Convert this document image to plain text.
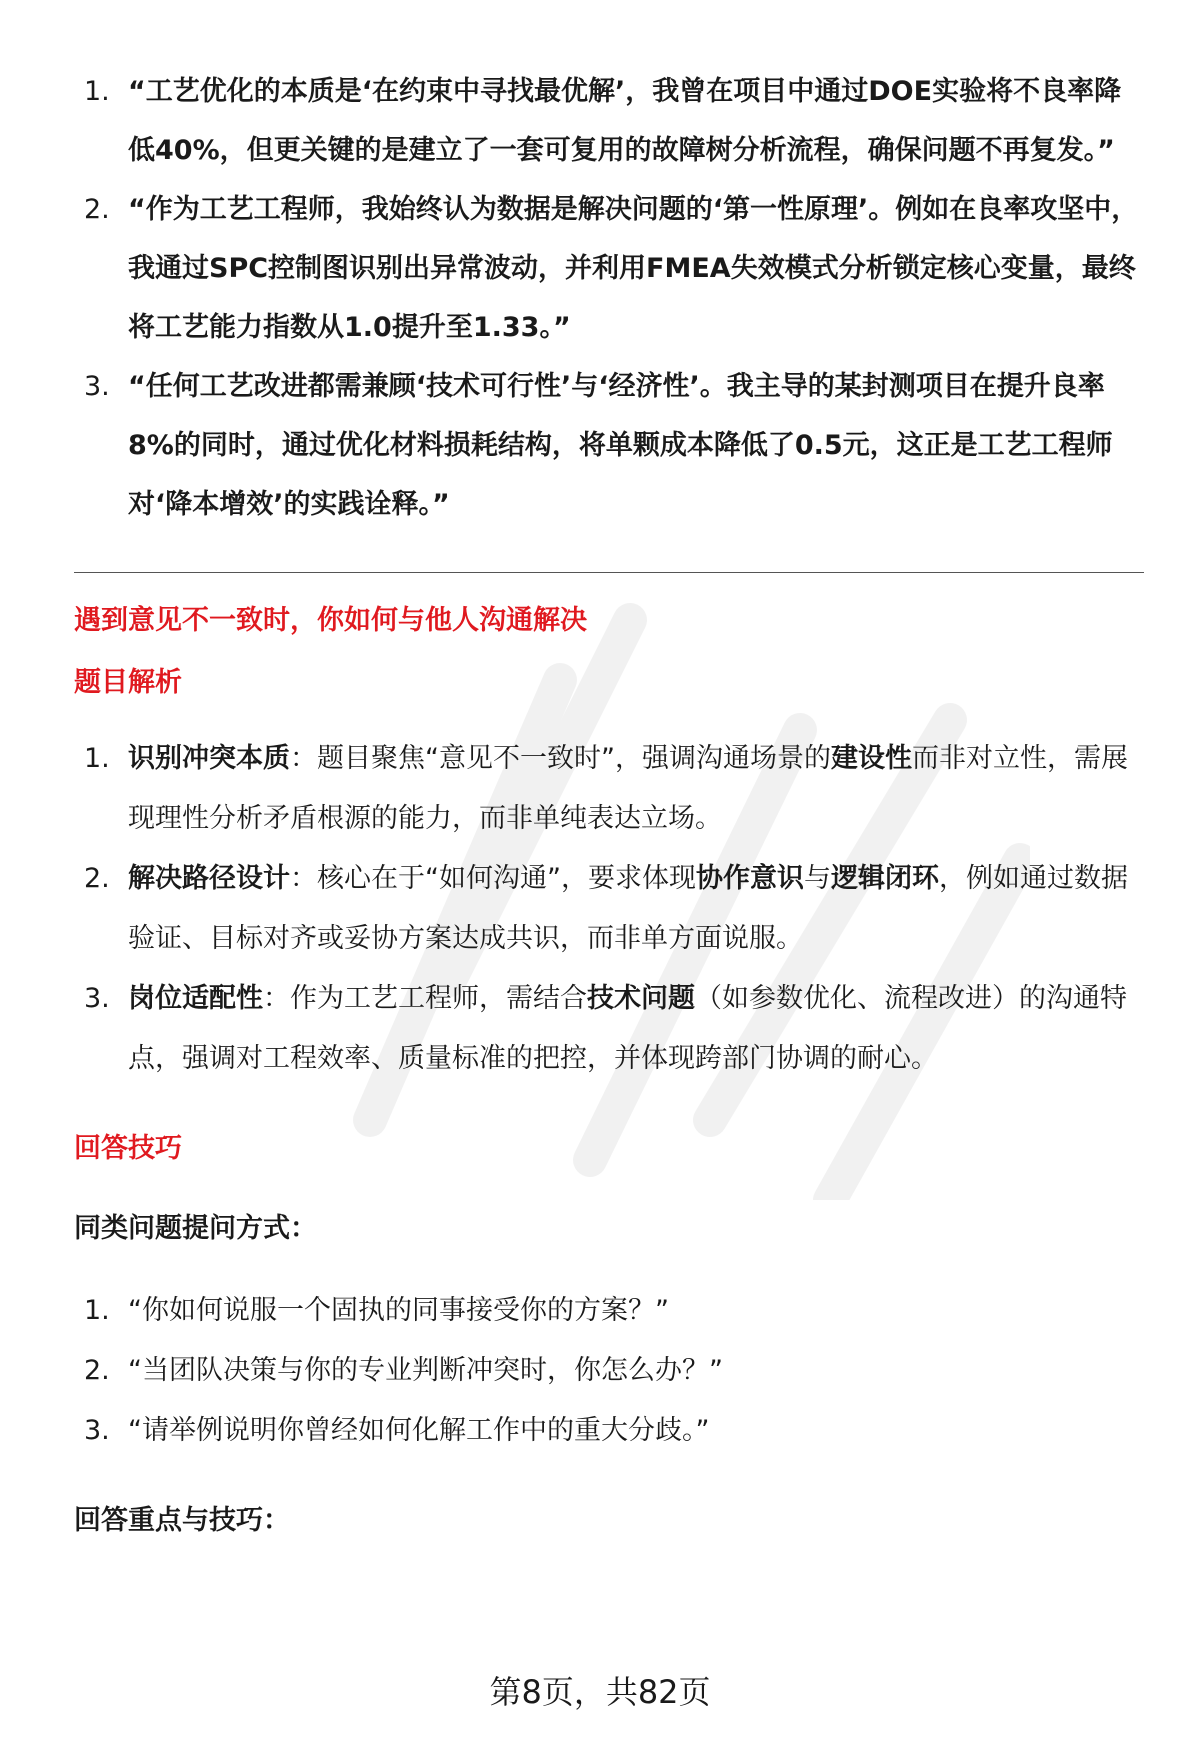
1. “工艺优化的本质是‘在约束中寻找最优解’，我曾在项目中通过DOE实验将不良率降低40%，但更关键的是建立了一套可复用的故障树分析流程，确保问题不再复发。”
2. “作为工艺工程师，我始终认为数据是解决问题的‘第一性原理’。例如在良率攻坚中，我通过SPC控制图识别出异常波动，并利用FMEA失效模式分析锁定核心变量，最终将工艺能力指数从1.0提升至1.33。”
3. “任何工艺改进都需兼顾‘技术可行性’与‘经济性’。我主导的某封测项目在提升良率8%的同时，通过优化材料损耗结构，将单颗成本降低了0.5元，这正是工艺工程师对‘降本增效’的实践诠释。”
遇到意见不一致时，你如何与他人沟通解决
题目解析
1. 识别冲突本质：题目聚焦“意见不一致时”，强调沟通场景的建设性而非对立性，需展现理性分析矛盾根源的能力，而非单纯表达立场。
2. 解决路径设计：核心在于“如何沟通”，要求体现协作意识与逻辑闭环，例如通过数据验证、目标对齐或妥协方案达成共识，而非单方面说服。
3. 岗位适配性：作为工艺工程师，需结合技术问题（如参数优化、流程改进）的沟通特点，强调对工程效率、质量标准的把控，并体现跨部门协调的耐心。
回答技巧
同类问题提问方式：
1. “你如何说服一个固执的同事接受你的方案？”
2. “当团队决策与你的专业判断冲突时，你怎么办？”
3. “请举例说明你曾经如何化解工作中的重大分歧。”
回答重点与技巧：
第8页，共82页
